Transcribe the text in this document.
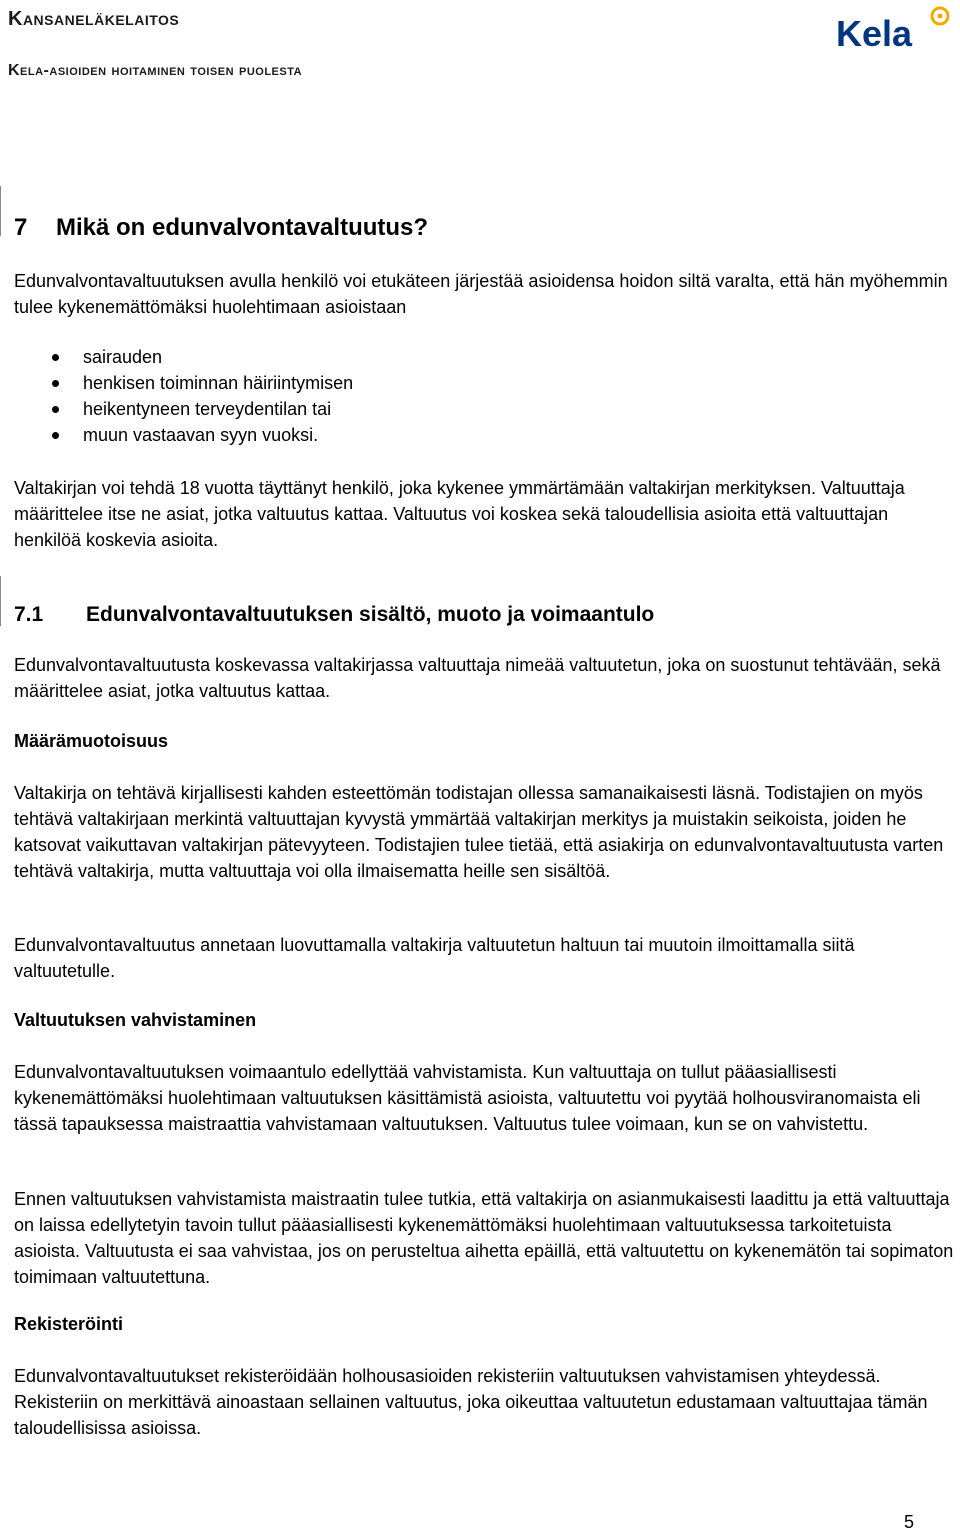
Kansaneläkelaitos
Kela-asioiden hoitaminen toisen puolesta
Kela
7 Mikä on edunvalvontavaltuutus?

Edunvalvontavaltuutuksen avulla henkilö voi etukäteen järjestää asioidensa hoidon siltä varalta, että hän myöhemmin tulee kykenemättömäksi huolehtimaan asioistaan

sairauden
henkisen toiminnan häiriintymisen
heikentyneen terveydentilan tai
muun vastaavan syyn vuoksi.

Valtakirjan voi tehdä 18 vuotta täyttänyt henkilö, joka kykenee ymmärtämään valtakirjan merkityksen. Valtuuttaja määrittelee itse ne asiat, jotka valtuutus kattaa. Valtuutus voi koskea sekä taloudellisia asioita että valtuuttajan henkilöä koskevia asioita.

7.1 Edunvalvontavaltuutuksen sisältö, muoto ja voimaantulo

Edunvalvontavaltuutusta koskevassa valtakirjassa valtuuttaja nimeää valtuutetun, joka on suostunut tehtävään, sekä määrittelee asiat, jotka valtuutus kattaa.

Määrämuotoisuus

Valtakirja on tehtävä kirjallisesti kahden esteettömän todistajan ollessa samanaikaisesti läsnä. Todistajien on myös tehtävä valtakirjaan merkintä valtuuttajan kyvystä ymmärtää valtakirjan merkitys ja muistakin seikoista, joiden he katsovat vaikuttavan valtakirjan pätevyyteen. Todistajien tulee tietää, että asiakirja on edunvalvontavaltuutusta varten tehtävä valtakirja, mutta valtuuttaja voi olla ilmaisematta heille sen sisältöä.

Edunvalvontavaltuutus annetaan luovuttamalla valtakirja valtuutetun haltuun tai muutoin ilmoittamalla siitä valtuutetulle.

Valtuutuksen vahvistaminen

Edunvalvontavaltuutuksen voimaantulo edellyttää vahvistamista. Kun valtuuttaja on tullut pääasiallisesti kykenemättömäksi huolehtimaan valtuutuksen käsittämistä asioista, valtuutettu voi pyytää holhousviranomaista eli tässä tapauksessa maistraattia vahvistamaan valtuutuksen. Valtuutus tulee voimaan, kun se on vahvistettu.

Ennen valtuutuksen vahvistamista maistraatin tulee tutkia, että valtakirja on asianmukaisesti laadittu ja että valtuuttaja on laissa edellytetyin tavoin tullut pääasiallisesti kykenemättömäksi huolehtimaan valtuutuksessa tarkoitetuista asioista. Valtuutusta ei saa vahvistaa, jos on perusteltua aihetta epäillä, että valtuutettu on kykenemätön tai sopimaton toimimaan valtuutettuna.

Rekisteröinti

Edunvalvontavaltuutukset rekisteröidään holhousasioiden rekisteriin valtuutuksen vahvistamisen yhteydessä. Rekisteriin on merkittävä ainoastaan sellainen valtuutus, joka oikeuttaa valtuutetun edustamaan valtuuttajaa tämän taloudellisissa asioissa.

5
